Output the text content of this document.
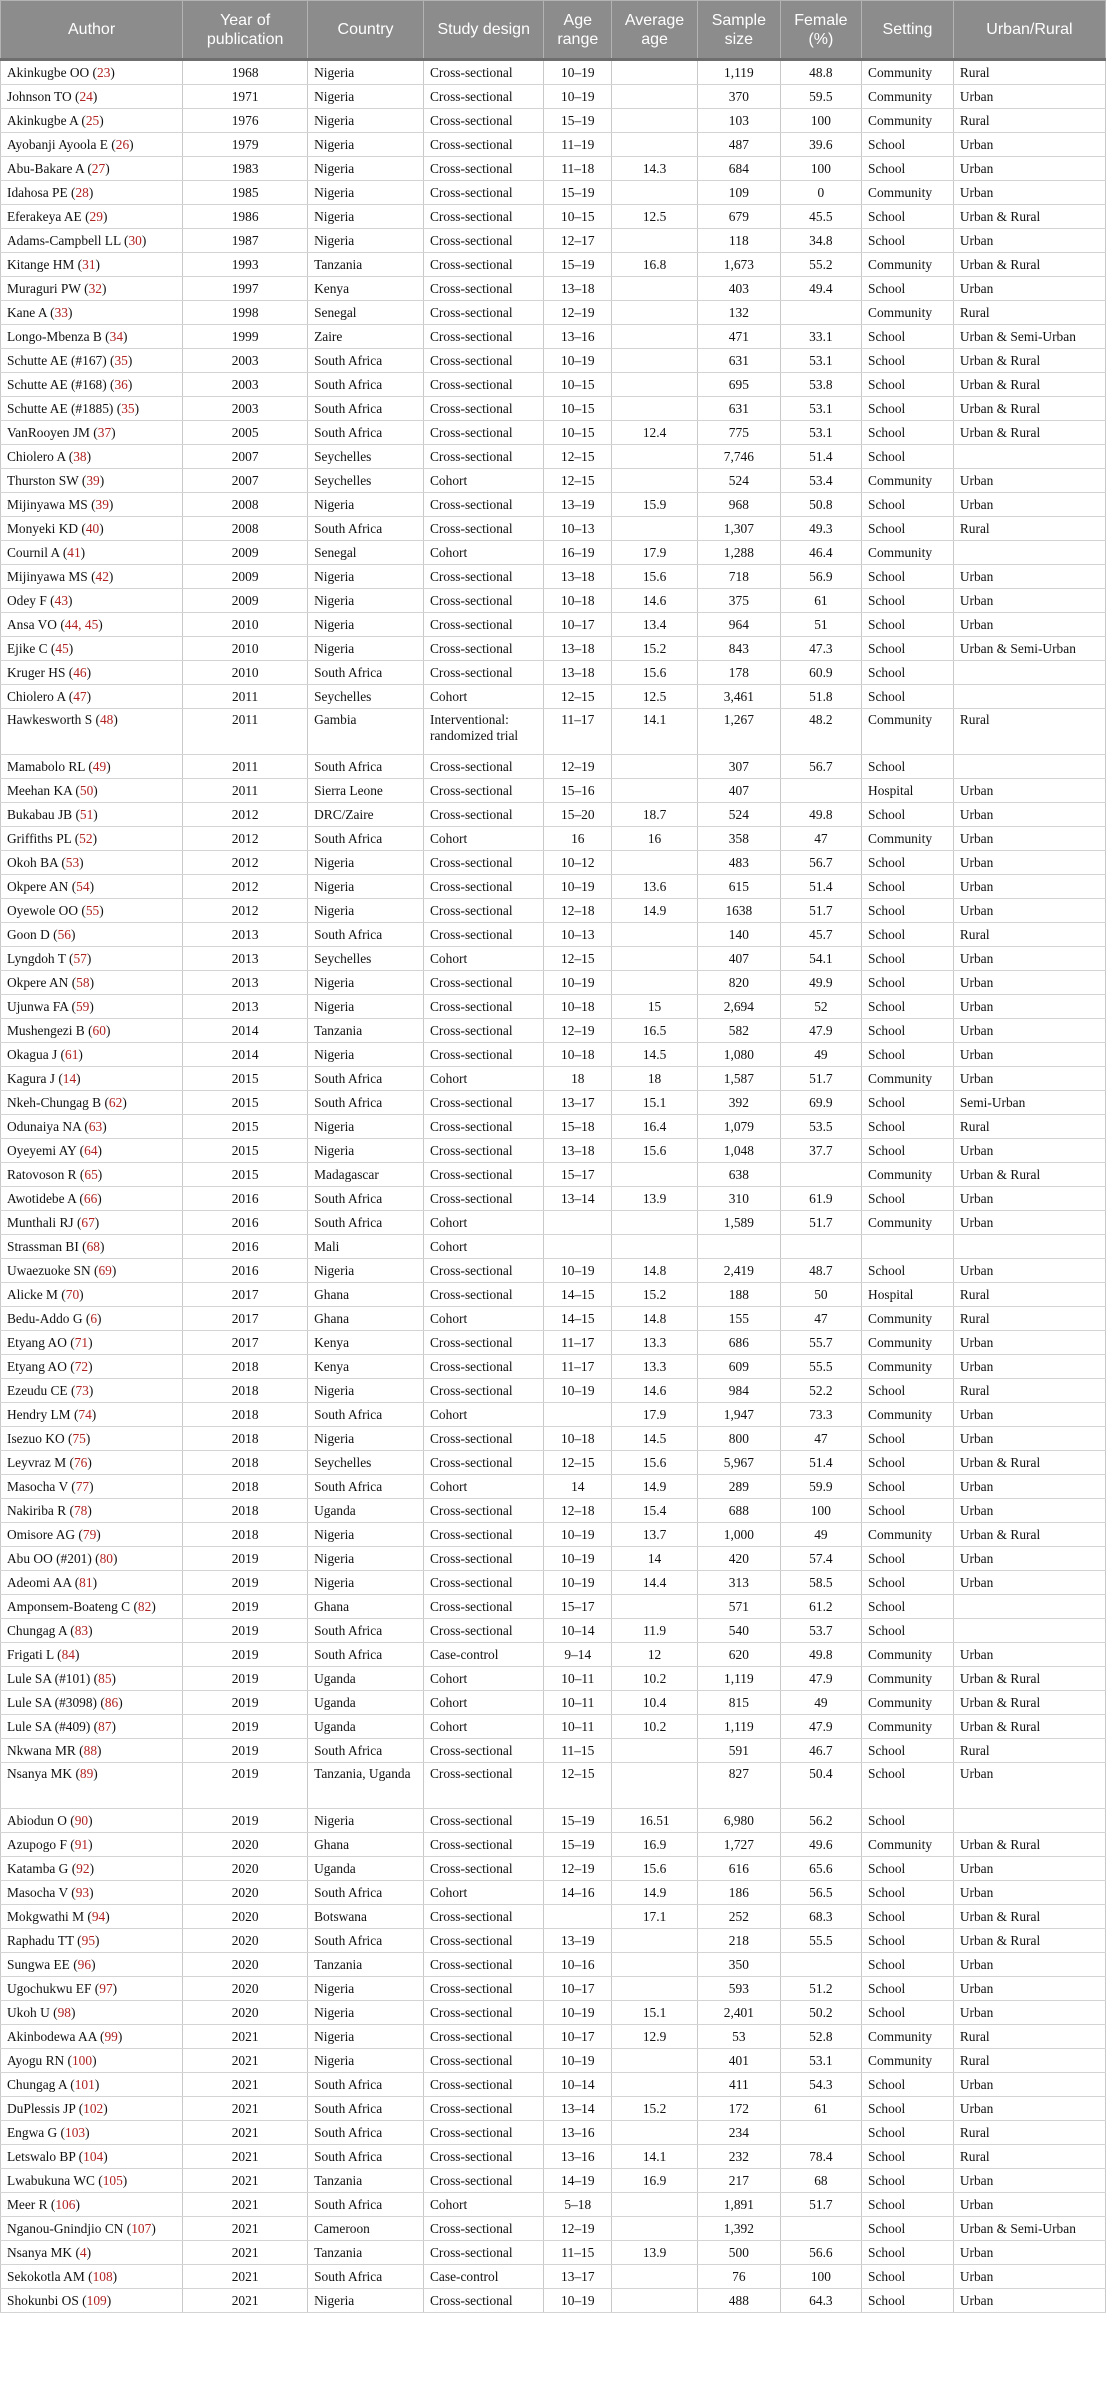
Author	Year of publication	Country	Study design	Age range	Average age	Sample size	Female (%)	Setting	Urban/Rural
Akinkugbe OO (23)	1968	Nigeria	Cross-sectional	10–19		1,119	48.8	Community	Rural
Johnson TO (24)	1971	Nigeria	Cross-sectional	10–19		370	59.5	Community	Urban
Akinkugbe A (25)	1976	Nigeria	Cross-sectional	15–19		103	100	Community	Rural
Ayobanji Ayoola E (26)	1979	Nigeria	Cross-sectional	11–19		487	39.6	School	Urban
Abu-Bakare A (27)	1983	Nigeria	Cross-sectional	11–18	14.3	684	100	School	Urban
Idahosa PE (28)	1985	Nigeria	Cross-sectional	15–19		109	0	Community	Urban
Eferakeya AE (29)	1986	Nigeria	Cross-sectional	10–15	12.5	679	45.5	School	Urban & Rural
Adams-Campbell LL (30)	1987	Nigeria	Cross-sectional	12–17		118	34.8	School	Urban
Kitange HM (31)	1993	Tanzania	Cross-sectional	15–19	16.8	1,673	55.2	Community	Urban & Rural
Muraguri PW (32)	1997	Kenya	Cross-sectional	13–18		403	49.4	School	Urban
Kane A (33)	1998	Senegal	Cross-sectional	12–19		132		Community	Rural
Longo-Mbenza B (34)	1999	Zaire	Cross-sectional	13–16		471	33.1	School	Urban & Semi-Urban
Schutte AE (#167) (35)	2003	South Africa	Cross-sectional	10–19		631	53.1	School	Urban & Rural
Schutte AE (#168) (36)	2003	South Africa	Cross-sectional	10–15		695	53.8	School	Urban & Rural
Schutte AE (#1885) (35)	2003	South Africa	Cross-sectional	10–15		631	53.1	School	Urban & Rural
VanRooyen JM (37)	2005	South Africa	Cross-sectional	10–15	12.4	775	53.1	School	Urban & Rural
Chiolero A (38)	2007	Seychelles	Cross-sectional	12–15		7,746	51.4	School	
Thurston SW (39)	2007	Seychelles	Cohort	12–15		524	53.4	Community	Urban
Mijinyawa MS (39)	2008	Nigeria	Cross-sectional	13–19	15.9	968	50.8	School	Urban
Monyeki KD (40)	2008	South Africa	Cross-sectional	10–13		1,307	49.3	School	Rural
Cournil A (41)	2009	Senegal	Cohort	16–19	17.9	1,288	46.4	Community	
Mijinyawa MS (42)	2009	Nigeria	Cross-sectional	13–18	15.6	718	56.9	School	Urban
Odey F (43)	2009	Nigeria	Cross-sectional	10–18	14.6	375	61	School	Urban
Ansa VO (44, 45)	2010	Nigeria	Cross-sectional	10–17	13.4	964	51	School	Urban
Ejike C (45)	2010	Nigeria	Cross-sectional	13–18	15.2	843	47.3	School	Urban & Semi-Urban
Kruger HS (46)	2010	South Africa	Cross-sectional	13–18	15.6	178	60.9	School	
Chiolero A (47)	2011	Seychelles	Cohort	12–15	12.5	3,461	51.8	School	
Hawkesworth S (48)	2011	Gambia	Interventional: randomized trial	11–17	14.1	1,267	48.2	Community	Rural
Mamabolo RL (49)	2011	South Africa	Cross-sectional	12–19		307	56.7	School	
Meehan KA (50)	2011	Sierra Leone	Cross-sectional	15–16		407		Hospital	Urban
Bukabau JB (51)	2012	DRC/Zaire	Cross-sectional	15–20	18.7	524	49.8	School	Urban
Griffiths PL (52)	2012	South Africa	Cohort	16	16	358	47	Community	Urban
Okoh BA (53)	2012	Nigeria	Cross-sectional	10–12		483	56.7	School	Urban
Okpere AN (54)	2012	Nigeria	Cross-sectional	10–19	13.6	615	51.4	School	Urban
Oyewole OO (55)	2012	Nigeria	Cross-sectional	12–18	14.9	1638	51.7	School	Urban
Goon D (56)	2013	South Africa	Cross-sectional	10–13		140	45.7	School	Rural
Lyngdoh T (57)	2013	Seychelles	Cohort	12–15		407	54.1	School	Urban
Okpere AN (58)	2013	Nigeria	Cross-sectional	10–19		820	49.9	School	Urban
Ujunwa FA (59)	2013	Nigeria	Cross-sectional	10–18	15	2,694	52	School	Urban
Mushengezi B (60)	2014	Tanzania	Cross-sectional	12–19	16.5	582	47.9	School	Urban
Okagua J (61)	2014	Nigeria	Cross-sectional	10–18	14.5	1,080	49	School	Urban
Kagura J (14)	2015	South Africa	Cohort	18	18	1,587	51.7	Community	Urban
Nkeh-Chungag B (62)	2015	South Africa	Cross-sectional	13–17	15.1	392	69.9	School	Semi-Urban
Odunaiya NA (63)	2015	Nigeria	Cross-sectional	15–18	16.4	1,079	53.5	School	Rural
Oyeyemi AY (64)	2015	Nigeria	Cross-sectional	13–18	15.6	1,048	37.7	School	Urban
Ratovoson R (65)	2015	Madagascar	Cross-sectional	15–17		638		Community	Urban & Rural
Awotidebe A (66)	2016	South Africa	Cross-sectional	13–14	13.9	310	61.9	School	Urban
Munthali RJ (67)	2016	South Africa	Cohort			1,589	51.7	Community	Urban
Strassman BI (68)	2016	Mali	Cohort						
Uwaezuoke SN (69)	2016	Nigeria	Cross-sectional	10–19	14.8	2,419	48.7	School	Urban
Alicke M (70)	2017	Ghana	Cross-sectional	14–15	15.2	188	50	Hospital	Rural
Bedu-Addo G (6)	2017	Ghana	Cohort	14–15	14.8	155	47	Community	Rural
Etyang AO (71)	2017	Kenya	Cross-sectional	11–17	13.3	686	55.7	Community	Urban
Etyang AO (72)	2018	Kenya	Cross-sectional	11–17	13.3	609	55.5	Community	Urban
Ezeudu CE (73)	2018	Nigeria	Cross-sectional	10–19	14.6	984	52.2	School	Rural
Hendry LM (74)	2018	South Africa	Cohort		17.9	1,947	73.3	Community	Urban
Isezuo KO (75)	2018	Nigeria	Cross-sectional	10–18	14.5	800	47	School	Urban
Leyvraz M (76)	2018	Seychelles	Cross-sectional	12–15	15.6	5,967	51.4	School	Urban & Rural
Masocha V (77)	2018	South Africa	Cohort	14	14.9	289	59.9	School	Urban
Nakiriba R (78)	2018	Uganda	Cross-sectional	12–18	15.4	688	100	School	Urban
Omisore AG (79)	2018	Nigeria	Cross-sectional	10–19	13.7	1,000	49	Community	Urban & Rural
Abu OO (#201) (80)	2019	Nigeria	Cross-sectional	10–19	14	420	57.4	School	Urban
Adeomi AA (81)	2019	Nigeria	Cross-sectional	10–19	14.4	313	58.5	School	Urban
Amponsem-Boateng C (82)	2019	Ghana	Cross-sectional	15–17		571	61.2	School	
Chungag A (83)	2019	South Africa	Cross-sectional	10–14	11.9	540	53.7	School	
Frigati L (84)	2019	South Africa	Case-control	9–14	12	620	49.8	Community	Urban
Lule SA (#101) (85)	2019	Uganda	Cohort	10–11	10.2	1,119	47.9	Community	Urban & Rural
Lule SA (#3098) (86)	2019	Uganda	Cohort	10–11	10.4	815	49	Community	Urban & Rural
Lule SA (#409) (87)	2019	Uganda	Cohort	10–11	10.2	1,119	47.9	Community	Urban & Rural
Nkwana MR (88)	2019	South Africa	Cross-sectional	11–15		591	46.7	School	Rural
Nsanya MK (89)	2019	Tanzania, Uganda	Cross-sectional	12–15		827	50.4	School	Urban
Abiodun O (90)	2019	Nigeria	Cross-sectional	15–19	16.51	6,980	56.2	School	
Azupogo F (91)	2020	Ghana	Cross-sectional	15–19	16.9	1,727	49.6	Community	Urban & Rural
Katamba G (92)	2020	Uganda	Cross-sectional	12–19	15.6	616	65.6	School	Urban
Masocha V (93)	2020	South Africa	Cohort	14–16	14.9	186	56.5	School	Urban
Mokgwathi M (94)	2020	Botswana	Cross-sectional		17.1	252	68.3	School	Urban & Rural
Raphadu TT (95)	2020	South Africa	Cross-sectional	13–19		218	55.5	School	Urban & Rural
Sungwa EE (96)	2020	Tanzania	Cross-sectional	10–16		350		School	Urban
Ugochukwu EF (97)	2020	Nigeria	Cross-sectional	10–17		593	51.2	School	Urban
Ukoh U (98)	2020	Nigeria	Cross-sectional	10–19	15.1	2,401	50.2	School	Urban
Akinbodewa AA (99)	2021	Nigeria	Cross-sectional	10–17	12.9	53	52.8	Community	Rural
Ayogu RN (100)	2021	Nigeria	Cross-sectional	10–19		401	53.1	Community	Rural
Chungag A (101)	2021	South Africa	Cross-sectional	10–14		411	54.3	School	Urban
DuPlessis JP (102)	2021	South Africa	Cross-sectional	13–14	15.2	172	61	School	Urban
Engwa G (103)	2021	South Africa	Cross-sectional	13–16		234		School	Rural
Letswalo BP (104)	2021	South Africa	Cross-sectional	13–16	14.1	232	78.4	School	Rural
Lwabukuna WC (105)	2021	Tanzania	Cross-sectional	14–19	16.9	217	68	School	Urban
Meer R (106)	2021	South Africa	Cohort	5–18		1,891	51.7	School	Urban
Nganou-Gnindjio CN (107)	2021	Cameroon	Cross-sectional	12–19		1,392		School	Urban & Semi-Urban
Nsanya MK (4)	2021	Tanzania	Cross-sectional	11–15	13.9	500	56.6	School	Urban
Sekokotla AM (108)	2021	South Africa	Case-control	13–17		76	100	School	Urban
Shokunbi OS (109)	2021	Nigeria	Cross-sectional	10–19		488	64.3	School	Urban
